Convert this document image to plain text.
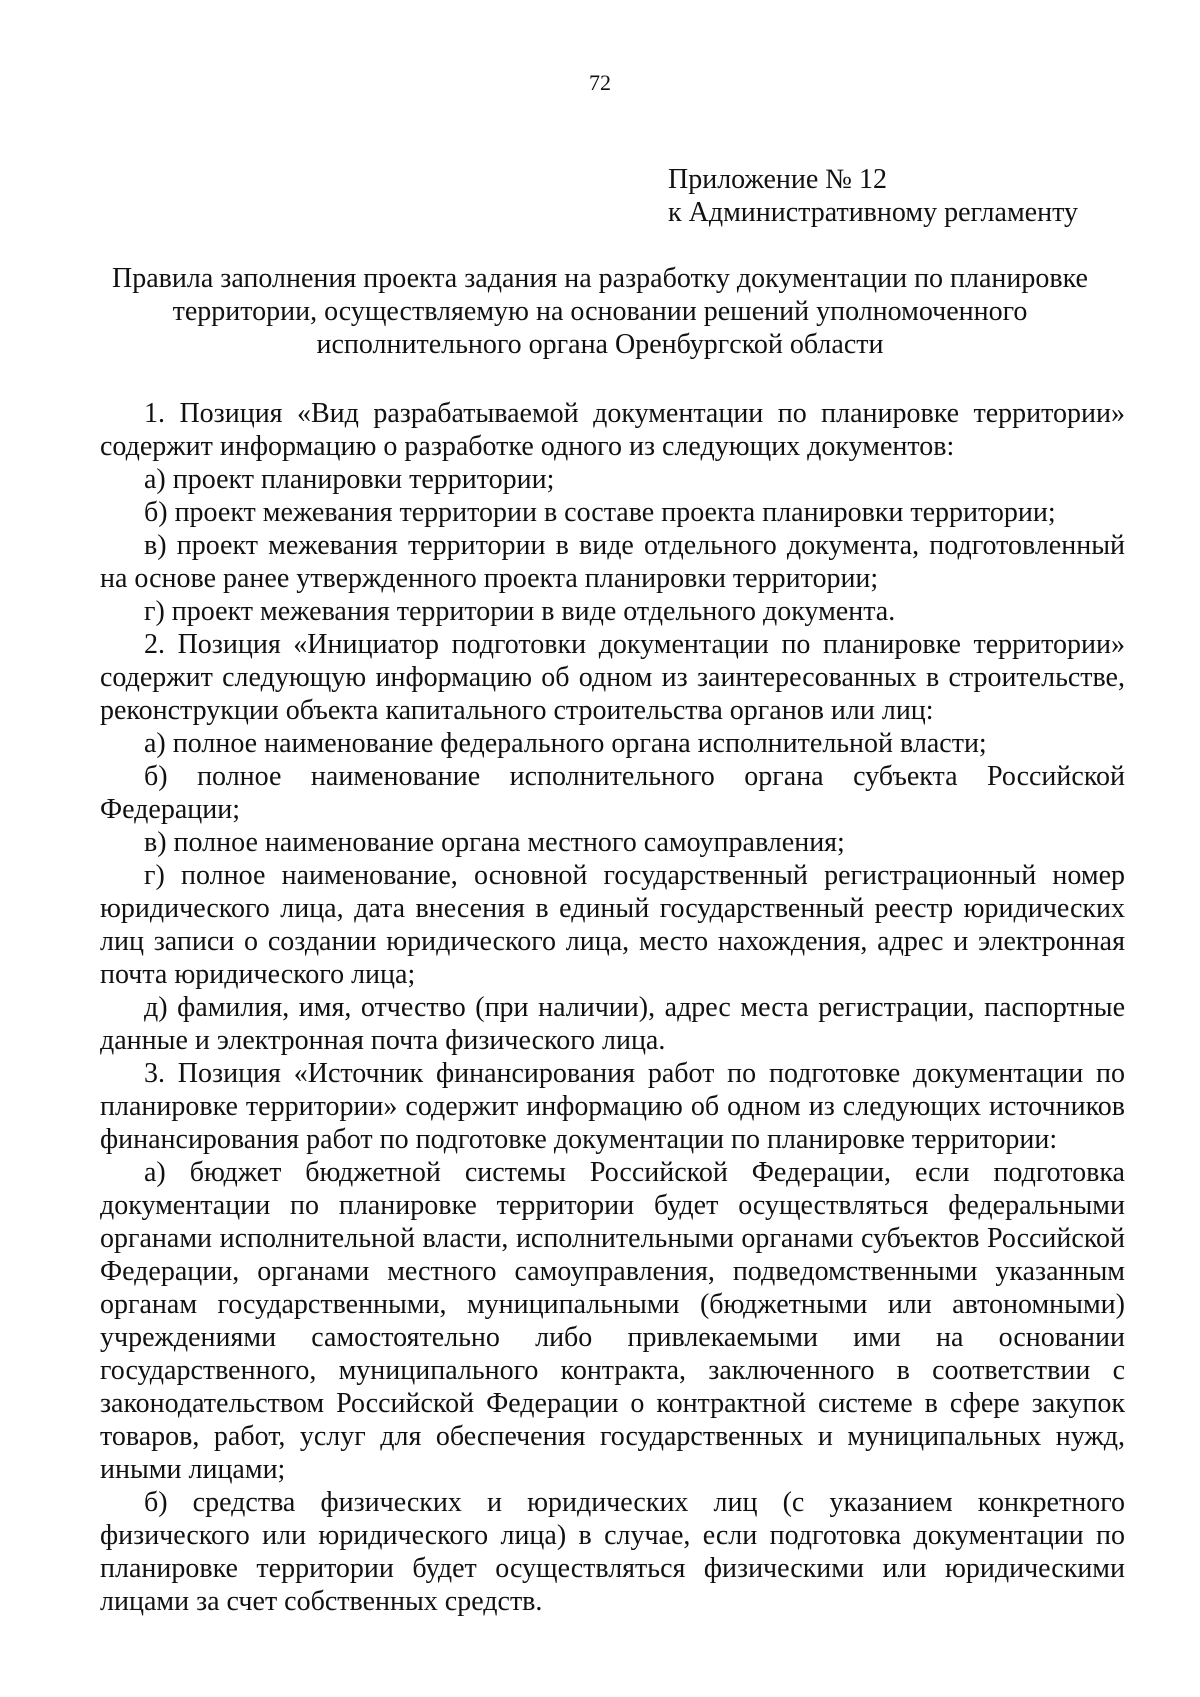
72
Приложение № 12
к Административному регламенту
Правила заполнения проекта задания на разработку документации по планировке
территории, осуществляемую на основании решений уполномоченного
исполнительного органа Оренбургской области

1. Позиция «Вид разрабатываемой документации по планировке территории» содержит информацию о разработке одного из следующих документов:

а) проект планировки территории;

б) проект межевания территории в составе проекта планировки территории;

в) проект межевания территории в виде отдельного документа, подготовленный на основе ранее утвержденного проекта планировки территории;

г) проект межевания территории в виде отдельного документа.

2. Позиция «Инициатор подготовки документации по планировке территории» содержит следующую информацию об одном из заинтересованных в строительстве, реконструкции объекта капитального строительства органов или лиц:

а) полное наименование федерального органа исполнительной власти;

б) полное наименование исполнительного органа субъекта Российской Федерации;

в) полное наименование органа местного самоуправления;

г) полное наименование, основной государственный регистрационный номер юридического лица, дата внесения в единый государственный реестр юридических лиц записи о создании юридического лица, место нахождения, адрес и электронная почта юридического лица;

д) фамилия, имя, отчество (при наличии), адрес места регистрации, паспортные данные и электронная почта физического лица.

3. Позиция «Источник финансирования работ по подготовке документации по планировке территории» содержит информацию об одном из следующих источников финансирования работ по подготовке документации по планировке территории:

а) бюджет бюджетной системы Российской Федерации, если подготовка документации по планировке территории будет осуществляться федеральными органами исполнительной власти, исполнительными органами субъектов Российской Федерации, органами местного самоуправления, подведомственными указанным органам государственными, муниципальными (бюджетными или автономными) учреждениями самостоятельно либо привлекаемыми ими на основании государственного, муниципального контракта, заключенного в соответствии с законодательством Российской Федерации о контрактной системе в сфере закупок товаров, работ, услуг для обеспечения государственных и муниципальных нужд, иными лицами;

б) средства физических и юридических лиц (с указанием конкретного физического или юридического лица) в случае, если подготовка документации по планировке территории будет осуществляться физическими или юридическими лицами за счет собственных средств.
